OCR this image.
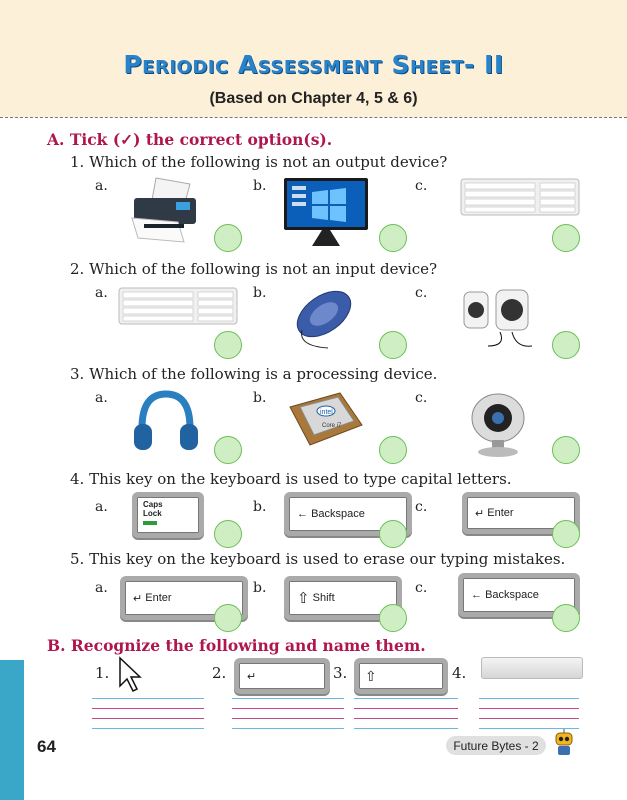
Periodic Assessment Sheet- II
(Based on Chapter 4, 5 & 6)
A. Tick (✓) the correct option(s).
1. Which of the following is not an output device?
a.	b.	c.
2. Which of the following is not an input device?
a.	b.	c.
3. Which of the following is a processing device.
a.	b.	c.
intel
Core i7
4. This key on the keyboard is used to type capital letters.
a.	b.	c.
Caps
Lock	←
Backspace	↵
Enter
5. This key on the keyboard is used to erase our typing mistakes.
a.	b.	c.
↵
Enter	⇧
Shift	←
Backspace
B. Recognize the following and name them.
1.	2. ↵	3. ⇧	4.
64	Future Bytes - 2
